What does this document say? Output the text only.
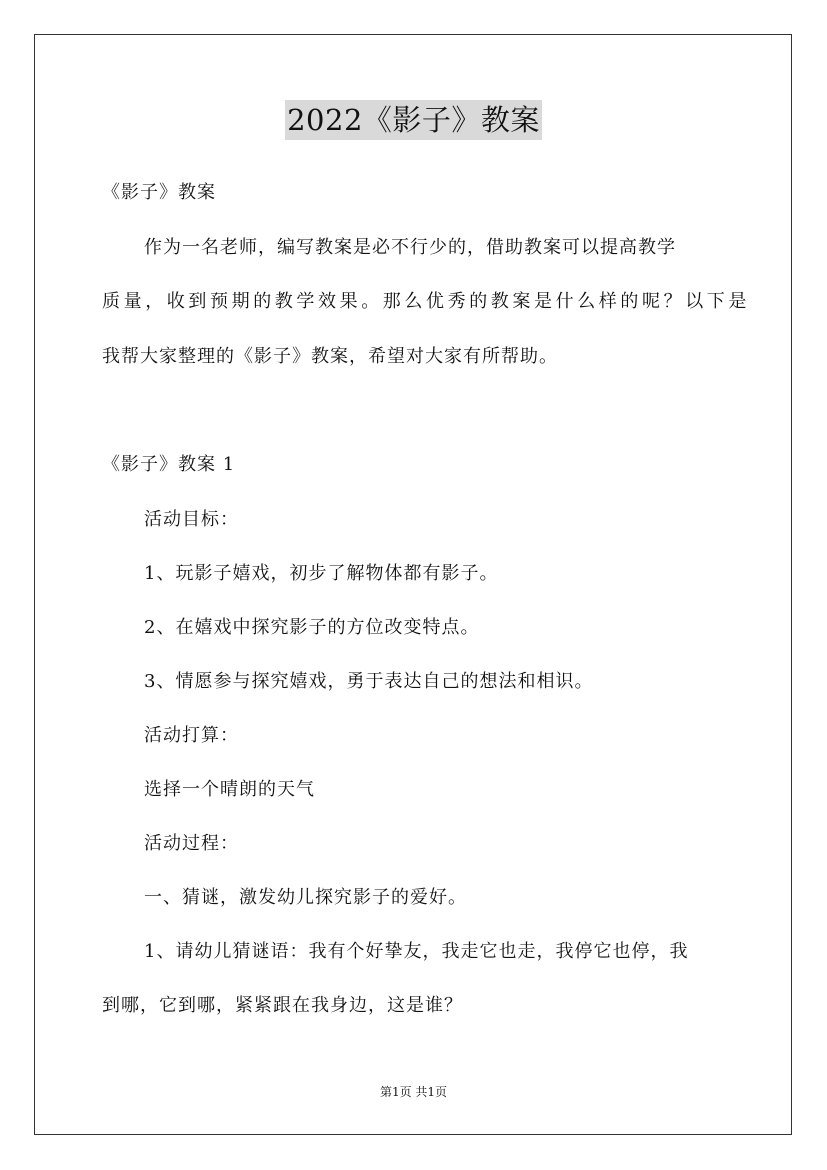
2022《影子》教案
《影子》教案
作为一名老师，编写教案是必不行少的，借助教案可以提高教学
质量，收到预期的教学效果。那么优秀的教案是什么样的呢？以下是
我帮大家整理的《影子》教案，希望对大家有所帮助。
《影子》教案 1
活动目标：
1、玩影子嬉戏，初步了解物体都有影子。
2、在嬉戏中探究影子的方位改变特点。
3、情愿参与探究嬉戏，勇于表达自己的想法和相识。
活动打算：
选择一个晴朗的天气
活动过程：
一、猜谜，激发幼儿探究影子的爱好。
1、请幼儿猜谜语：我有个好挚友，我走它也走，我停它也停，我
到哪，它到哪，紧紧跟在我身边，这是谁？
第1页 共1页
